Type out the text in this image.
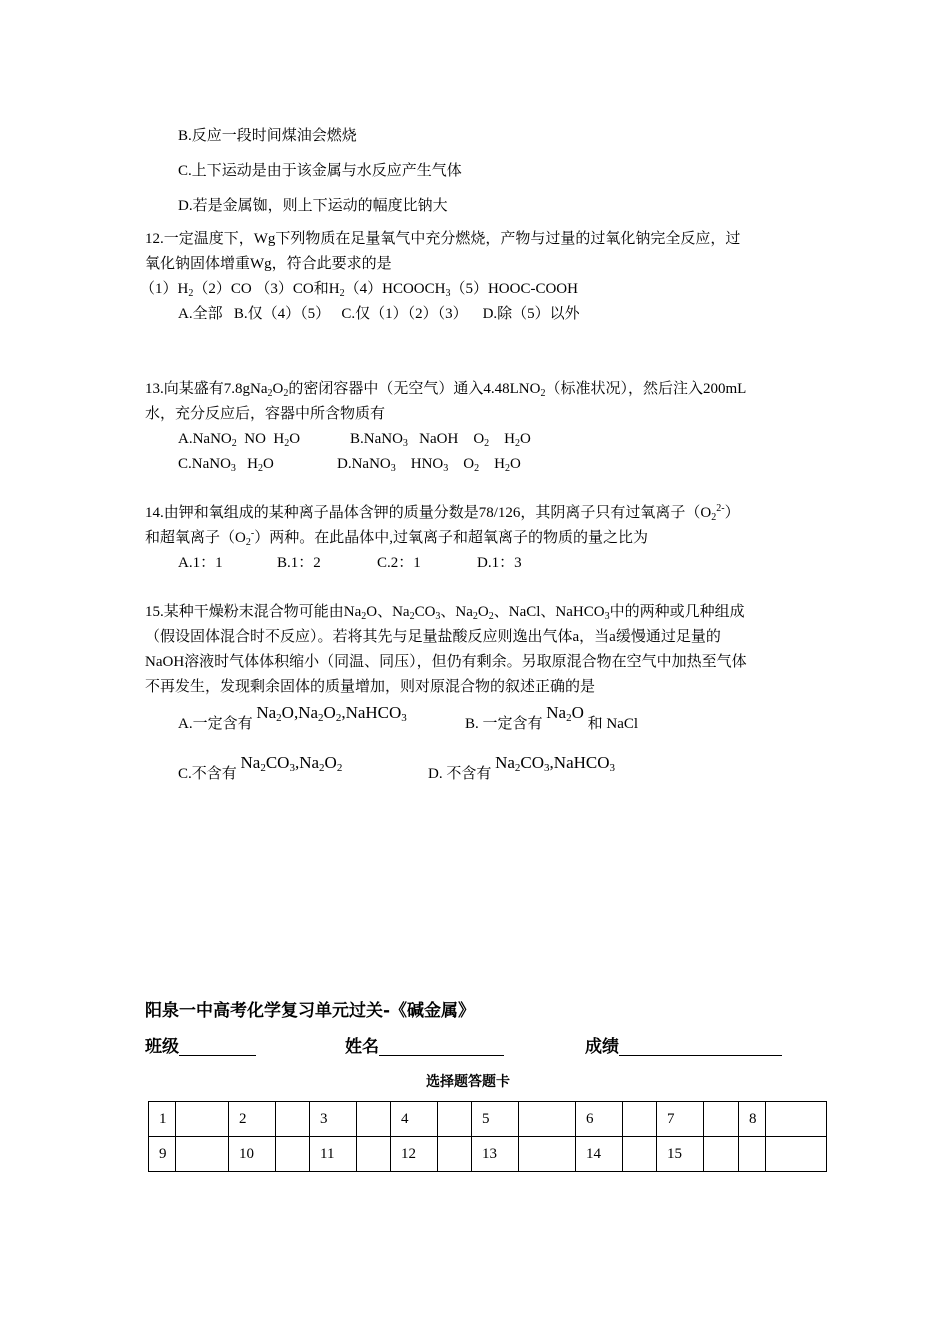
B.反应一段时间煤油会燃烧
C.上下运动是由于该金属与水反应产生气体
D.若是金属铷，则上下运动的幅度比钠大
12.一定温度下，Wg下列物质在足量氧气中充分燃烧，产物与过量的过氧化钠完全反应，过
氧化钠固体增重Wg，符合此要求的是
$(1)H_2(2)CO$ （3）CO和$H_2(4)HCOOCH_3(5)HOOC$-COOH
A.全部   B.仅（4）（5）   C.仅（1）（2）（3）    D.除（5）以外
13.向某盛有$7.8gNa_2O_2$的密闭容器中（无空气）通入$4.48LNO_2$（标准状况），然后注入200mL
水，充分反应后，容器中所含物质有
A.NaNO$_2$  NO  $H_2O$	B.NaNO$_3$   NaOH    $O_2$    $H_2O$
C.NaNO$_3$   $H_2O$	D.NaNO$_3$    $HNO_3$    $O_2$    $H_2O$
14.由钾和氧组成的某种离子晶体含钾的质量分数是78/126，其阴离子只有过氧离子$(O_2^{2-})$
和超氧离子$(O_2^-)$两种。在此晶体中,过氧离子和超氧离子的物质的量之比为
A.1：1	B.1：2	C.2：1	D.1：3
15.某种干燥粉末混合物可能由$Na_2O$、$Na_2CO_3$、$Na_2O_2$、NaCl、NaHCO$_3$中的两种或几种组成
（假设固体混合时不反应）。若将其先与足量盐酸反应则逸出气体a，当a缓慢通过足量的
NaOH溶液时气体体积缩小（同温、同压），但仍有剩余。另取原混合物在空气中加热至气体
不再发生，发现剩余固体的质量增加，则对原混合物的叙述正确的是
A.一定含有 $Na_2O,Na_2O_2,NaHCO_3$	B. 一定含有 $Na_2O$ 和 NaCl
C.不含有 $Na_2CO_3,Na_2O_2$	D. 不含有 $Na_2CO_3,NaHCO_3$
阳泉一中高考化学复习单元过关-《碱金属》
班级	姓名	成绩
选择题答题卡
1		2		3		4		5		6		7		8	
9		10		11		12		13		14		15			
